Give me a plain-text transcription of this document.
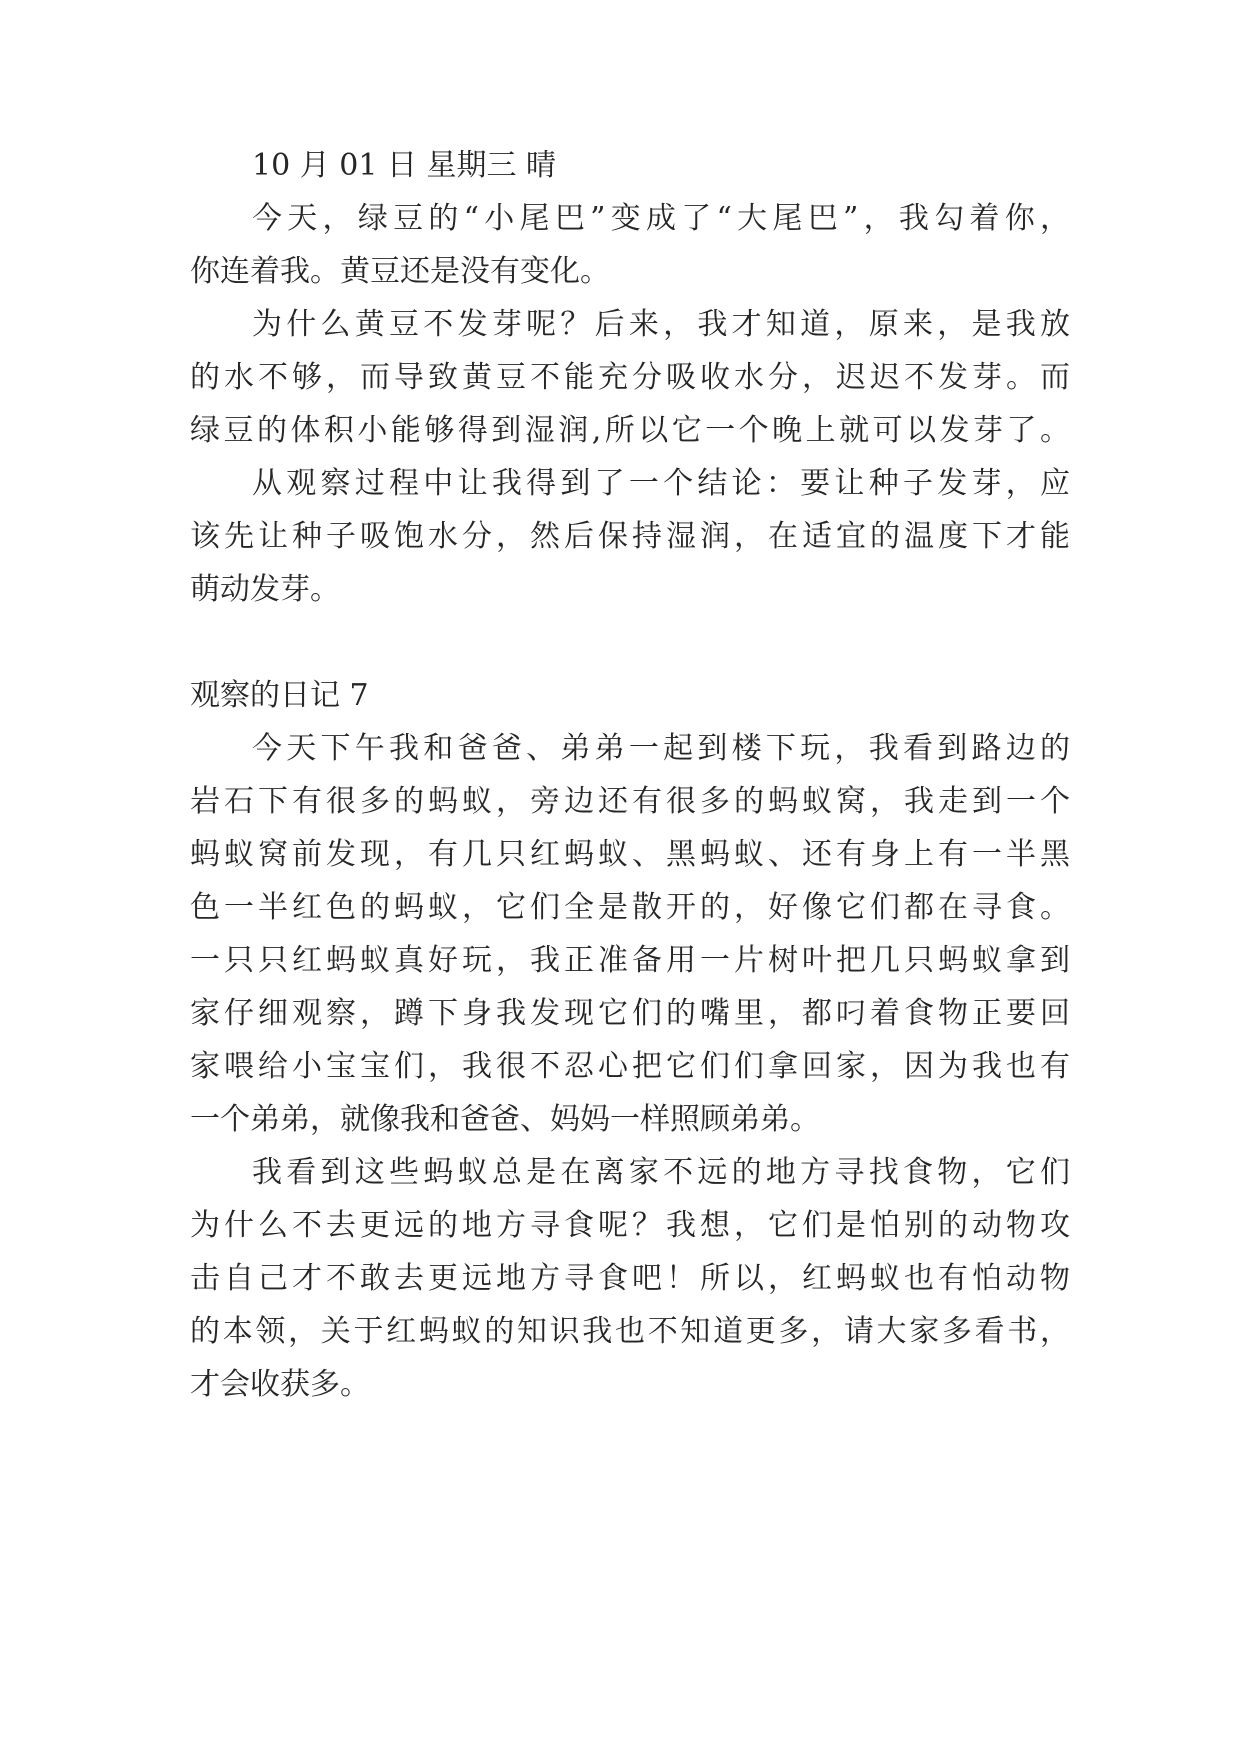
10 月 01 日 星期三 晴
今天，绿豆的“小尾巴”变成了“大尾巴”，我勾着你，
你连着我。黄豆还是没有变化。
为什么黄豆不发芽呢？后来，我才知道，原来，是我放
的水不够，而导致黄豆不能充分吸收水分，迟迟不发芽。而
绿豆的体积小能够得到湿润,所以它一个晚上就可以发芽了。
从观察过程中让我得到了一个结论：要让种子发芽，应
该先让种子吸饱水分，然后保持湿润，在适宜的温度下才能
萌动发芽。
观察的日记 7
今天下午我和爸爸、弟弟一起到楼下玩，我看到路边的
岩石下有很多的蚂蚁，旁边还有很多的蚂蚁窝，我走到一个
蚂蚁窝前发现，有几只红蚂蚁、黑蚂蚁、还有身上有一半黑
色一半红色的蚂蚁，它们全是散开的，好像它们都在寻食。
一只只红蚂蚁真好玩，我正准备用一片树叶把几只蚂蚁拿到
家仔细观察，蹲下身我发现它们的嘴里，都叼着食物正要回
家喂给小宝宝们，我很不忍心把它们们拿回家，因为我也有
一个弟弟，就像我和爸爸、妈妈一样照顾弟弟。
我看到这些蚂蚁总是在离家不远的地方寻找食物，它们
为什么不去更远的地方寻食呢？我想，它们是怕别的动物攻
击自己才不敢去更远地方寻食吧！所以，红蚂蚁也有怕动物
的本领，关于红蚂蚁的知识我也不知道更多，请大家多看书，
才会收获多。
